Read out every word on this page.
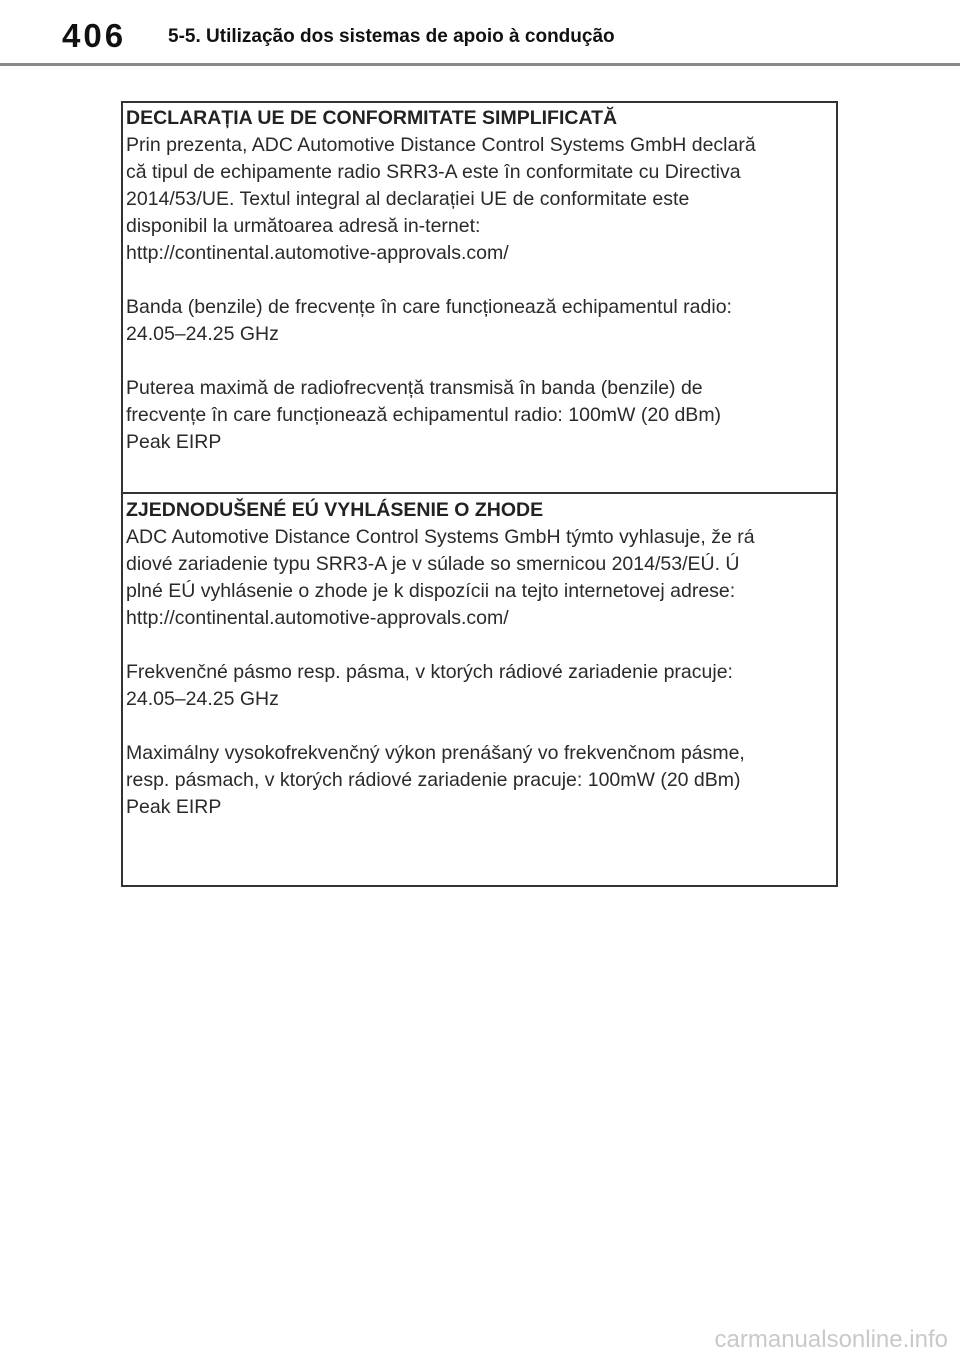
406 5-5. Utilização dos sistemas de apoio à condução

DECLARAȚIA UE DE CONFORMITATE SIMPLIFICATĂ

Prin prezenta, ADC Automotive Distance Control Systems GmbH declară

că tipul de echipamente radio SRR3-A este în conformitate cu Directiva

2014/53/UE. Textul integral al declarației UE de conformitate este

disponibil la următoarea adresă in-ternet:

http://continental.automotive-approvals.com/

Banda (benzile) de frecvențe în care funcționează echipamentul radio:

24.05–24.25 GHz

Puterea maximă de radiofrecvență transmisă în banda (benzile) de

frecvențe în care funcționează echipamentul radio: 100mW (20 dBm)

Peak EIRP

ZJEDNODUŠENÉ EÚ VYHLÁSENIE O ZHODE

ADC Automotive Distance Control Systems GmbH týmto vyhlasuje, že rá

diové zariadenie typu SRR3-A je v súlade so smernicou 2014/53/EÚ. Ú

plné EÚ vyhlásenie o zhode je k dispozícii na tejto internetovej adrese:

http://continental.automotive-approvals.com/

Frekvenčné pásmo resp. pásma, v ktorých rádiové zariadenie pracuje:

24.05–24.25 GHz

Maximálny vysokofrekvenčný výkon prenášaný vo frekvenčnom pásme,

resp. pásmach, v ktorých rádiové zariadenie pracuje: 100mW (20 dBm)

Peak EIRP

carmanualsonline.info
